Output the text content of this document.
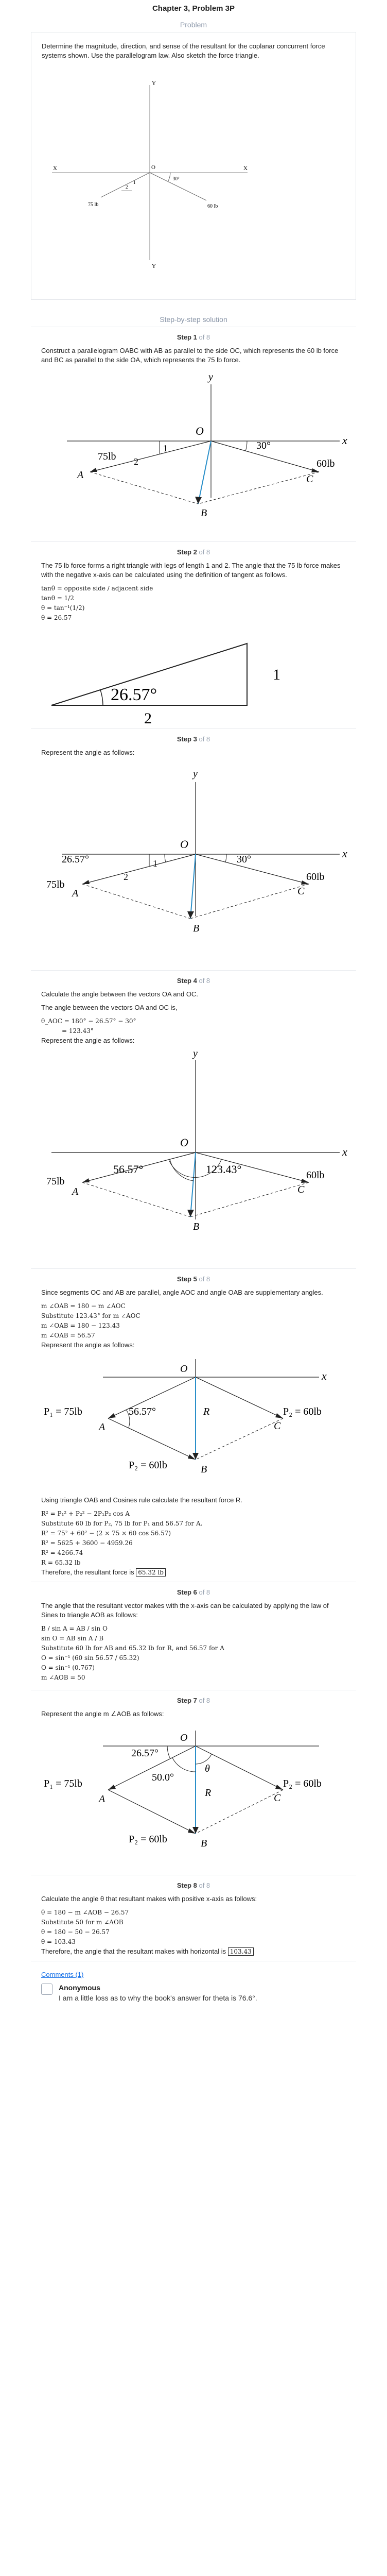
Chapter 3, Problem 3P
Problem

Determine the magnitude, direction, and sense of the resultant for the coplanar concurrent force systems shown. Use the parallelogram law. Also sketch the force triangle.

Y
Y
X	X
O
1
2
30°
75 lb	60 lb
Step-by-step solution
Step 1 of 8

Construct a parallelogram OABC with AB as parallel to the side OC, which represents the 60 lb force and BC as parallel to the side OA, which represents the 75 lb force.

y
x
O
1
2
30°
75lb
60lb
A
B
C
Step 2 of 8

The 75 lb force forms a right triangle with legs of length 1 and 2. The angle that the 75 lb force makes with the negative x-axis can be calculated using the definition of tangent as follows.

tanθ = opposite side / adjacent side
tanθ = 1/2
θ = tan⁻¹(1/2)
θ = 26.57
26.57°
1
2
Step 3 of 8

Represent the angle as follows:

y
x
O
1
2
26.57°	30°
75lb
60lb
A
B
C
Step 4 of 8

Calculate the angle between the vectors OA and OC.

The angle between the vectors OA and OC is,

θ_AOC = 180° − 26.57° − 30°
= 123.43°

Represent the angle as follows:

y
x
O
56.57°	123.43°
75lb
60lb
A
B
C
Step 5 of 8

Since segments OC and AB are parallel, angle AOC and angle OAB are supplementary angles.

m ∠OAB = 180 − m ∠AOC
Substitute 123.43° for m ∠AOC
m ∠OAB = 180 − 123.43
m ∠OAB = 56.57

Represent the angle as follows:

O
x
56.57°
P₁ = 75lb	P₂ = 60lb
P₂ = 60lb
R
A
B
C

Using triangle OAB and Cosines rule calculate the resultant force R.

R² = P₁² + P₂² − 2P₁P₂ cos A
Substitute 60 lb for P₂, 75 lb for P₁ and 56.57 for A.
R² = 75² + 60² − (2 × 75 × 60 cos 56.57)
R² = 5625 + 3600 − 4959.26
R² = 4266.74
R = 65.32 lb

Therefore, the resultant force is 65.32 lb

Step 6 of 8

The angle that the resultant vector makes with the x-axis can be calculated by applying the law of Sines to triangle AOB as follows:

B / sin A = AB / sin O
sin O = AB sin A / B
Substitute 60 lb for AB and 65.32 lb for R, and 56.57 for A
O = sin⁻¹ (60 sin 56.57 / 65.32)
O = sin⁻¹ (0.767)
m ∠AOB = 50
Step 7 of 8

Represent the angle m ∠AOB as follows:

O
26.57°
50.0°
θ
P₁ = 75lb	P₂ = 60lb
P₂ = 60lb
R
A
B
C
Step 8 of 8

Calculate the angle θ that resultant makes with positive x-axis as follows:

θ = 180 − m ∠AOB − 26.57
Substitute 50 for m ∠AOB
θ = 180 − 50 − 26.57
θ = 103.43

Therefore, the angle that the resultant makes with horizontal is 103.43

Comments (1)
Anonymous
I am a little loss as to why the book's answer for theta is 76.6°.
